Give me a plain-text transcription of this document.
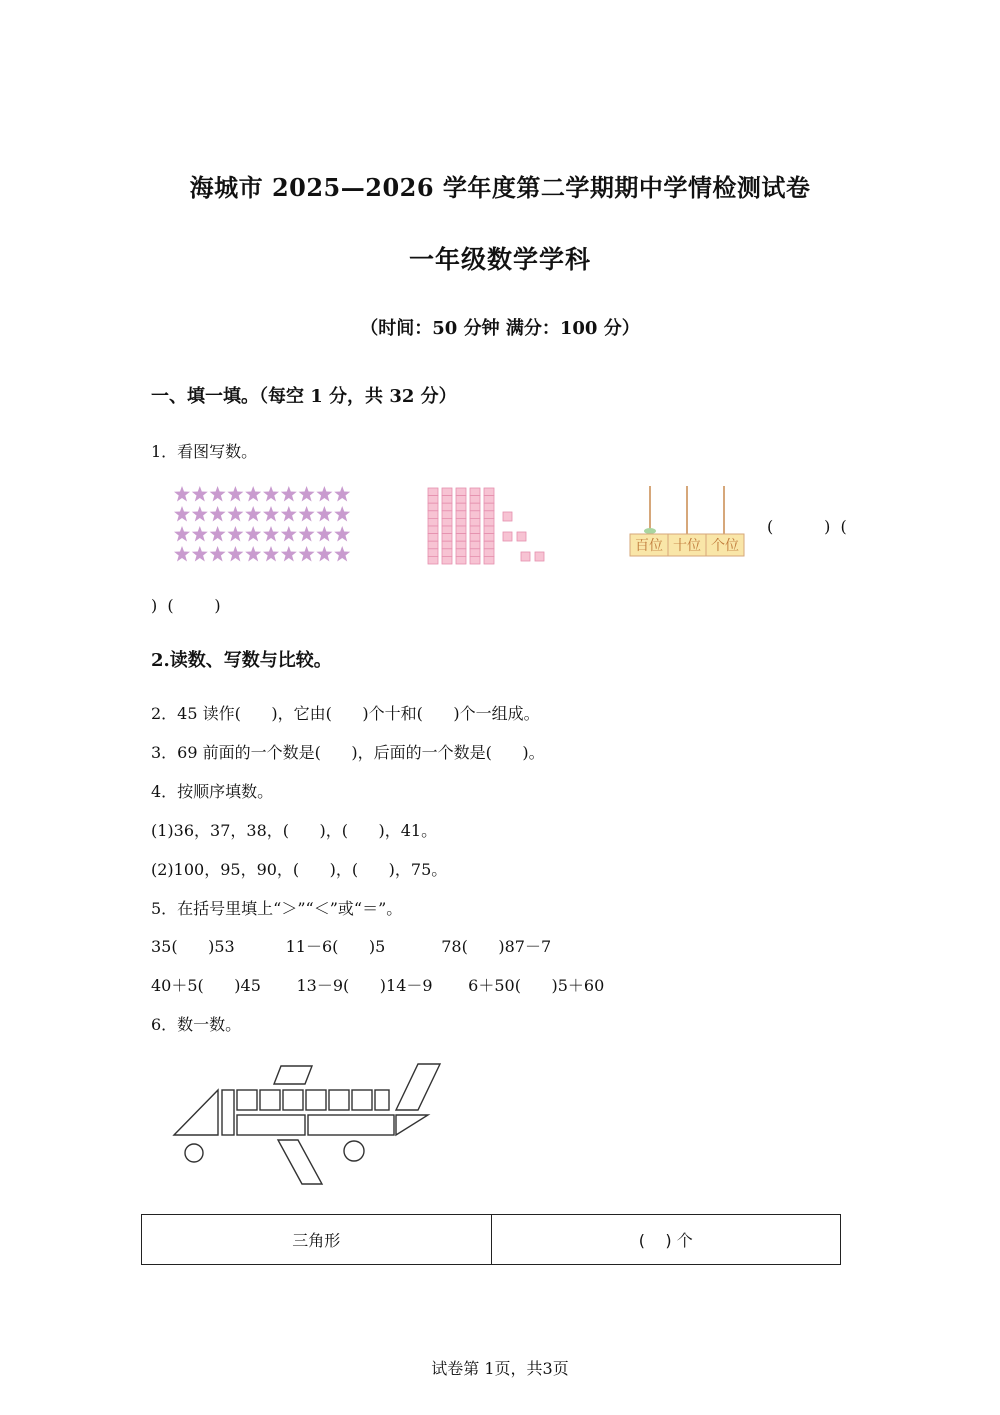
海城市 2025—2026 学年度第二学期期中学情检测试卷
一年级数学学科
（时间：50 分钟 满分：100 分）
一、填一填。（每空 1 分，共 32 分）
1．看图写数。
百位 十位 个位
(          )  (
)  (        )
2.读数、写数与比较。
2．45 读作(      )，它由(      )个十和(      )个一组成。
3．69 前面的一个数是(      )，后面的一个数是(      )。
4．按顺序填数。
(1)36，37，38，(      )，(      )，41。
(2)100，95，90，(      )，(      )，75。
5．在括号里填上“＞”“＜”或“＝”。
35(      )53          11－6(      )5           78(      )87－7
40＋5(      )45       13－9(      )14－9       6＋50(      )5＋60
6．数一数。
三角形	(    ) 个
试卷第 1页，共3页
